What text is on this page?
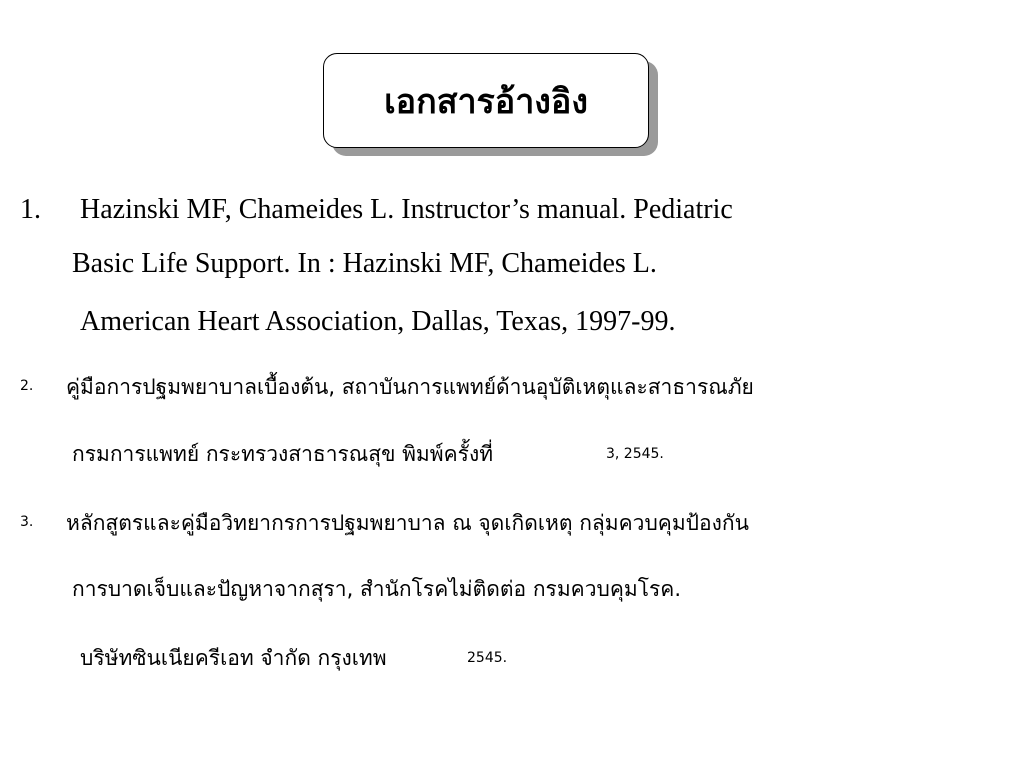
เอกสารอ้างอิง
1. Hazinski MF, Chameides L. Instructor’s manual. Pediatric
Basic Life Support. In : Hazinski MF, Chameides L.
American Heart Association, Dallas, Texas, 1997-99.
2. คู่มือการปฐมพยาบาลเบื้องต้น, สถาบันการแพทย์ด้านอุบัติเหตุและสาธารณภัย
กรมการแพทย์ กระทรวงสาธารณสุข พิมพ์ครั้งที่	3, 2545.
3. หลักสูตรและคู่มือวิทยากรการปฐมพยาบาล ณ จุดเกิดเหตุ กลุ่มควบคุมป้องกัน
การบาดเจ็บและปัญหาจากสุรา, สำนักโรคไม่ติดต่อ กรมควบคุมโรค.
บริษัทซินเนียครีเอท จำกัด กรุงเทพ	2545.
